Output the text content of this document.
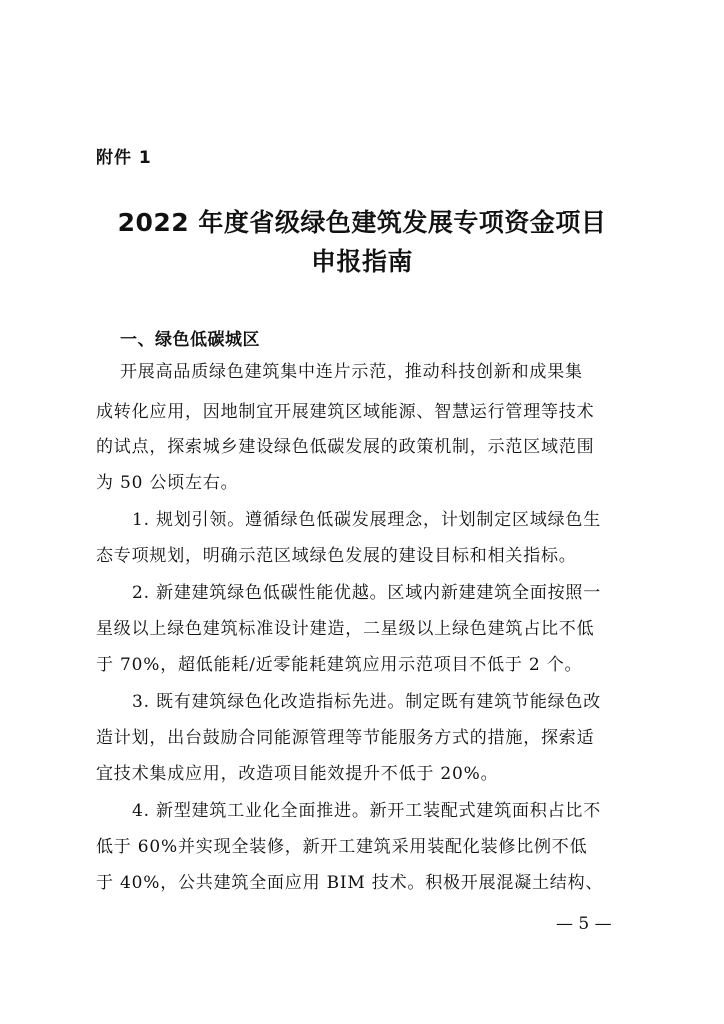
附件 1
2022 年度省级绿色建筑发展专项资金项目
申报指南
一、绿色低碳城区
开展高品质绿色建筑集中连片示范，推动科技创新和成果集
成转化应用，因地制宜开展建筑区域能源、智慧运行管理等技术
的试点，探索城乡建设绿色低碳发展的政策机制，示范区域范围
为 50 公顷左右。
1. 规划引领。遵循绿色低碳发展理念，计划制定区域绿色生
态专项规划，明确示范区域绿色发展的建设目标和相关指标。
2. 新建建筑绿色低碳性能优越。区域内新建建筑全面按照一
星级以上绿色建筑标准设计建造，二星级以上绿色建筑占比不低
于 70%，超低能耗/近零能耗建筑应用示范项目不低于 2 个。
3. 既有建筑绿色化改造指标先进。制定既有建筑节能绿色改
造计划，出台鼓励合同能源管理等节能服务方式的措施，探索适
宜技术集成应用，改造项目能效提升不低于 20%。
4. 新型建筑工业化全面推进。新开工装配式建筑面积占比不
低于 60%并实现全装修，新开工建筑采用装配化装修比例不低
于 40%，公共建筑全面应用 BIM 技术。积极开展混凝土结构、
— 5 —
